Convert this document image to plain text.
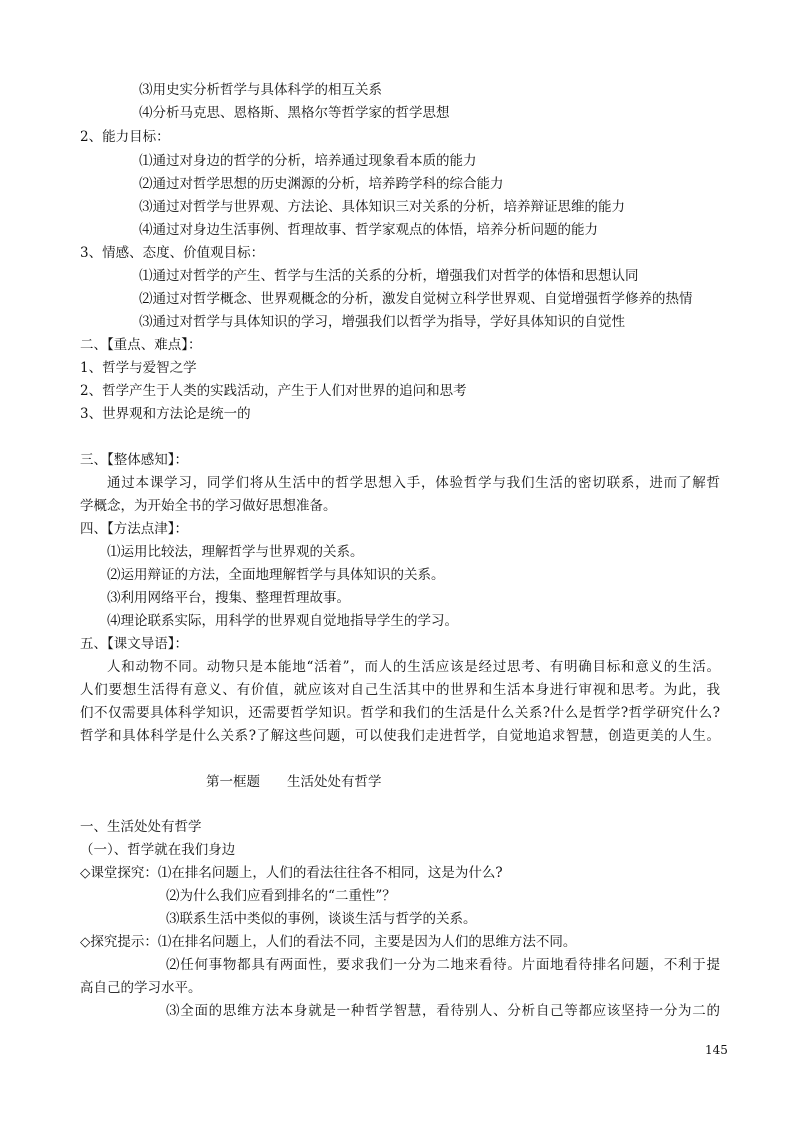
⑶用史实分析哲学与具体科学的相互关系
⑷分析马克思、恩格斯、黑格尔等哲学家的哲学思想
2、能力目标：
⑴通过对身边的哲学的分析，培养通过现象看本质的能力
⑵通过对哲学思想的历史渊源的分析，培养跨学科的综合能力
⑶通过对哲学与世界观、方法论、具体知识三对关系的分析，培养辩证思维的能力
⑷通过对身边生活事例、哲理故事、哲学家观点的体悟，培养分析问题的能力
3、情感、态度、价值观目标：
⑴通过对哲学的产生、哲学与生活的关系的分析，增强我们对哲学的体悟和思想认同
⑵通过对哲学概念、世界观概念的分析，激发自觉树立科学世界观、自觉增强哲学修养的热情
⑶通过对哲学与具体知识的学习，增强我们以哲学为指导，学好具体知识的自觉性
二、【重点、难点】：
1、哲学与爱智之学
2、哲学产生于人类的实践活动，产生于人们对世界的追问和思考
3、世界观和方法论是统一的
三、【整体感知】：
通过本课学习，同学们将从生活中的哲学思想入手，体验哲学与我们生活的密切联系，进而了解哲
学概念，为开始全书的学习做好思想准备。
四、【方法点津】：
⑴运用比较法，理解哲学与世界观的关系。
⑵运用辩证的方法，全面地理解哲学与具体知识的关系。
⑶利用网络平台，搜集、整理哲理故事。
⑷理论联系实际，用科学的世界观自觉地指导学生的学习。
五、【课文导语】：
人和动物不同。动物只是本能地“活着”，而人的生活应该是经过思考、有明确目标和意义的生活。
人们要想生活得有意义、有价值，就应该对自己生活其中的世界和生活本身进行审视和思考。为此，我
们不仅需要具体科学知识，还需要哲学知识。哲学和我们的生活是什么关系?什么是哲学?哲学研究什么?
哲学和具体科学是什么关系?了解这些问题，可以使我们走进哲学，自觉地追求智慧，创造更美的人生。
第一框题　　生活处处有哲学
一、生活处处有哲学
（一）、哲学就在我们身边
◇课堂探究：⑴在排名问题上，人们的看法往往各不相同，这是为什么?
⑵为什么我们应看到排名的“二重性”？
⑶联系生活中类似的事例，谈谈生活与哲学的关系。
◇探究提示：⑴在排名问题上，人们的看法不同，主要是因为人们的思维方法不同。
⑵任何事物都具有两面性，要求我们一分为二地来看待。片面地看待排名问题，不利于提
高自己的学习水平。
⑶全面的思维方法本身就是一种哲学智慧，看待别人、分析自己等都应该坚持一分为二的
145
